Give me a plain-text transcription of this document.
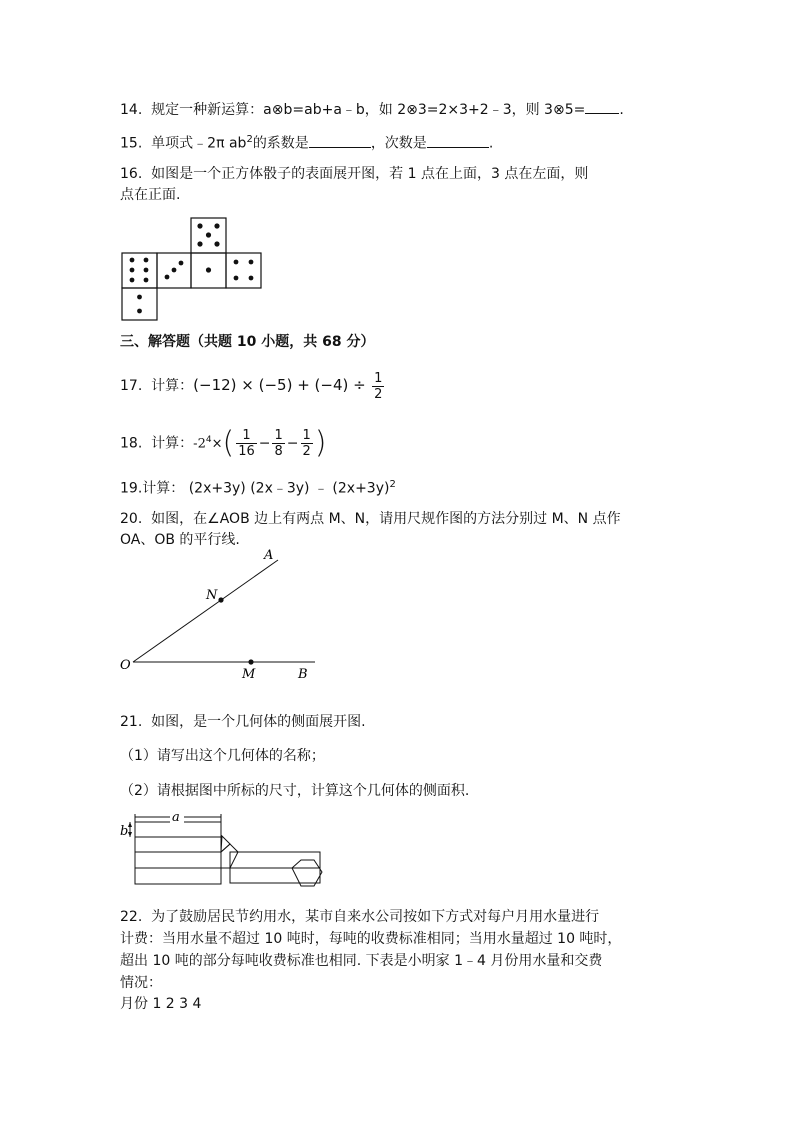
14. 规定一种新运算：a⊗b=ab+a﹣b，如 2⊗3=2×3+2﹣3，则 3⊗5= .
15. 单项式﹣2π $ab^2$的系数是	，次数是	.
16. 如图是一个正方体骰子的表面展开图，若 1 点在上面，3 点在左面，则
点在正面.
三、解答题（共题 10 小题，共 68 分）
17. 计算：$(-12) \times (-5) + (-4) \div \frac{1}{2}$
18. 计算：$-2^4\times( \frac{1}{16} - \frac{1}{8} - \frac{1}{2}$ )
19.计算： (2x+3y) (2x﹣3y) ﹣ $(2x+3y)^2$
20. 如图，在∠AOB 边上有两点 M、N，请用尺规作图的方法分别过 M、N 点作
OA、OB 的平行线.
A
N
O
M	B
21. 如图，是一个几何体的侧面展开图.
（1）请写出这个几何体的名称；
（2）请根据图中所标的尺寸，计算这个几何体的侧面积.
a
b
22. 为了鼓励居民节约用水，某市自来水公司按如下方式对每户月用水量进行
计费：当用水量不超过 10 吨时，每吨的收费标准相同；当用水量超过 10 吨时，
超出 10 吨的部分每吨收费标准也相同. 下表是小明家 1﹣4 月份用水量和交费
情况：
月份 1 2 3 4
